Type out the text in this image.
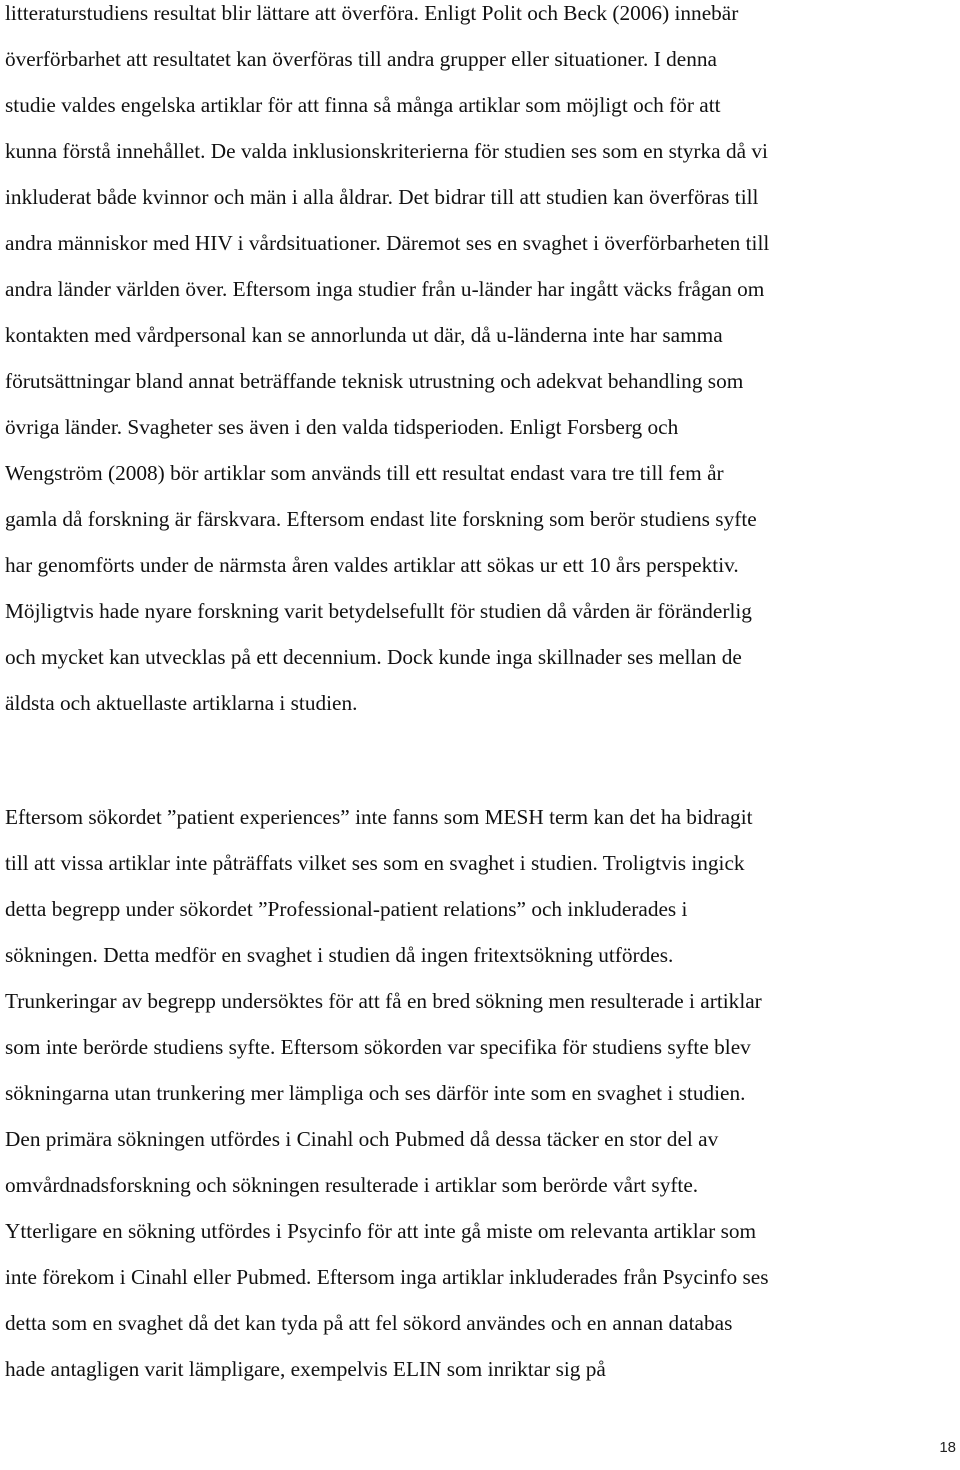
litteraturstudiens resultat blir lättare att överföra. Enligt Polit och Beck (2006) innebär
överförbarhet att resultatet kan överföras till andra grupper eller situationer. I denna
studie valdes engelska artiklar för att finna så många artiklar som möjligt och för att
kunna förstå innehållet. De valda inklusionskriterierna för studien ses som en styrka då vi
inkluderat både kvinnor och män i alla åldrar. Det bidrar till att studien kan överföras till
andra människor med HIV i vårdsituationer. Däremot ses en svaghet i överförbarheten till
andra länder världen över. Eftersom inga studier från u-länder har ingått väcks frågan om
kontakten med vårdpersonal kan se annorlunda ut där, då u-länderna inte har samma
förutsättningar bland annat beträffande teknisk utrustning och adekvat behandling som
övriga länder. Svagheter ses även i den valda tidsperioden. Enligt Forsberg och
Wengström (2008) bör artiklar som används till ett resultat endast vara tre till fem år
gamla då forskning är färskvara. Eftersom endast lite forskning som berör studiens syfte
har genomförts under de närmsta åren valdes artiklar att sökas ur ett 10 års perspektiv.
Möjligtvis hade nyare forskning varit betydelsefullt för studien då vården är föränderlig
och mycket kan utvecklas på ett decennium. Dock kunde inga skillnader ses mellan de
äldsta och aktuellaste artiklarna i studien.
Eftersom sökordet ”patient experiences” inte fanns som MESH term kan det ha bidragit
till att vissa artiklar inte påträffats vilket ses som en svaghet i studien. Troligtvis ingick
detta begrepp under sökordet ”Professional-patient relations” och inkluderades i
sökningen. Detta medför en svaghet i studien då ingen fritextsökning utfördes.
Trunkeringar av begrepp undersöktes för att få en bred sökning men resulterade i artiklar
som inte berörde studiens syfte. Eftersom sökorden var specifika för studiens syfte blev
sökningarna utan trunkering mer lämpliga och ses därför inte som en svaghet i studien.
Den primära sökningen utfördes i Cinahl och Pubmed då dessa täcker en stor del av
omvårdnadsforskning och sökningen resulterade i artiklar som berörde vårt syfte.
Ytterligare en sökning utfördes i Psycinfo för att inte gå miste om relevanta artiklar som
inte förekom i Cinahl eller Pubmed. Eftersom inga artiklar inkluderades från Psycinfo ses
detta som en svaghet då det kan tyda på att fel sökord användes och en annan databas
hade antagligen varit lämpligare, exempelvis ELIN som inriktar sig på
18
